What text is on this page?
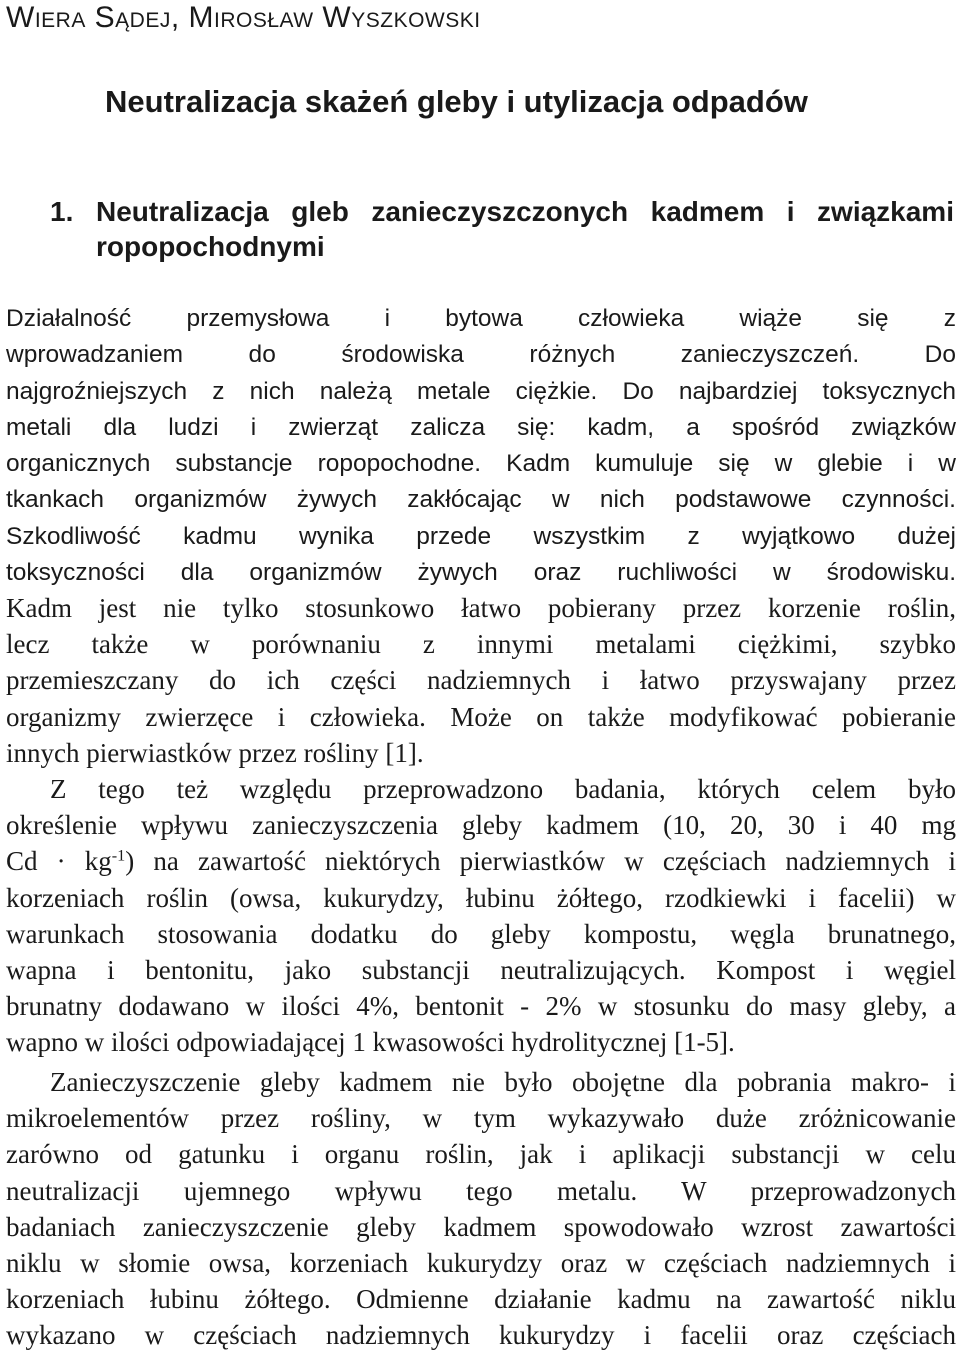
Wiera Sądej, Mirosław Wyszkowski
Neutralizacja skażeń gleby i utylizacja odpadów
1. Neutralizacja gleb zanieczyszczonych kadmem i związkami
ropopochodnymi
Działalność przemysłowa i bytowa człowieka wiąże się z
wprowadzaniem do środowiska różnych zanieczyszczeń. Do
najgroźniejszych z nich należą metale ciężkie. Do najbardziej toksycznych
metali dla ludzi i zwierząt zalicza się: kadm, a spośród związków
organicznych substancje ropopochodne. Kadm kumuluje się w glebie i w
tkankach organizmów żywych zakłócając w nich podstawowe czynności.
Szkodliwość kadmu wynika przede wszystkim z wyjątkowo dużej
toksyczności dla organizmów żywych oraz ruchliwości w środowisku.
Kadm jest nie tylko stosunkowo łatwo pobierany przez korzenie roślin,
lecz także w porównaniu z innymi metalami ciężkimi, szybko
przemieszczany do ich części nadziemnych i łatwo przyswajany przez
organizmy zwierzęce i człowieka. Może on także modyfikować pobieranie
innych pierwiastków przez rośliny [1].
Z tego też względu przeprowadzono badania, których celem było
określenie wpływu zanieczyszczenia gleby kadmem (10, 20, 30 i 40 mg
$Cd \cdot kg^{-1}$) na zawartość niektórych pierwiastków w częściach nadziemnych i
korzeniach roślin (owsa, kukurydzy, łubinu żółtego, rzodkiewki i facelii) w
warunkach stosowania dodatku do gleby kompostu, węgla brunatnego,
wapna i bentonitu, jako substancji neutralizujących. Kompost i węgiel
brunatny dodawano w ilości 4%, bentonit - 2% w stosunku do masy gleby, a
wapno w ilości odpowiadającej 1 kwasowości hydrolitycznej [1-5].
Zanieczyszczenie gleby kadmem nie było obojętne dla pobrania makro- i
mikroelementów przez rośliny, w tym wykazywało duże zróżnicowanie
zarówno od gatunku i organu roślin, jak i aplikacji substancji w celu
neutralizacji ujemnego wpływu tego metalu. W przeprowadzonych
badaniach zanieczyszczenie gleby kadmem spowodowało wzrost zawartości
niklu w słomie owsa, korzeniach kukurydzy oraz w częściach nadziemnych i
korzeniach łubinu żółtego. Odmienne działanie kadmu na zawartość niklu
wykazano w częściach nadziemnych kukurydzy i facelii oraz częściach
